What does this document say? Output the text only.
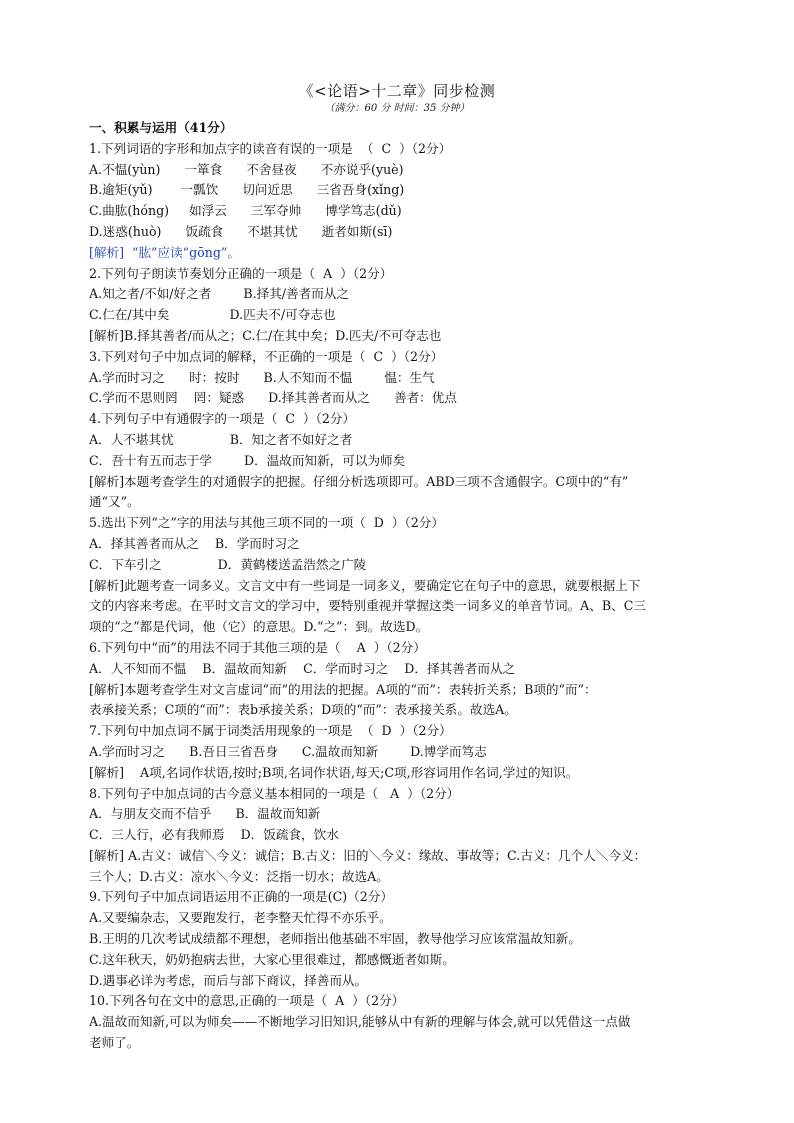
《<论语>十二章》同步检测
（满分：60 分 时间：35 分钟）
一、积累与运用（41分）
1.下列词语的字形和加点字的读音有误的一项是  （  C  ）（2分）
A.不愠(yùn)      一箪食      不舍昼夜      不亦说乎(yuè)
B.逾矩(yǔ)       一瓢饮      切问近思      三省吾身(xǐng)
C.曲肱(hóng)     如浮云      三军夺帅      博学笃志(dǔ)
D.迷惑(huò)      饭疏食      不堪其忧      逝者如斯(sī)
[解析]  “肱”应读“gōng”。
2.下列句子朗读节奏划分正确的一项是（  A  ）（2分）
A.知之者/不如/好之者        B.择其/善者而从之
C.仁在/其中矣               D.匹夫不/可夺志也
[解析]B.择其善者/而从之；C.仁/在其中矣；D.匹夫/不可夺志也
3.下列对句子中加点词的解释，不正确的一项是（  C  ）（2分）
A.学而时习之      时：按时      B.人不知而不愠        愠：生气
C.学而不思则罔    罔：疑惑      D.择其善者而从之      善者：优点
4.下列句子中有通假字的一项是（  C  ）（2分）
A．人不堪其忧              B．知之者不如好之者
C．吾十有五而志于学        D．温故而知新，可以为师矣
[解析]本题考查学生的对通假字的把握。仔细分析选项即可。ABD三项不含通假字。C项中的“有”
通“又”。
5.选出下列“之”字的用法与其他三项不同的一项（  D  ）（2分）
A．择其善者而从之    B．学而时习之
C．下车引之              D．黄鹤楼送孟浩然之广陵
[解析]此题考查一词多义。文言文中有一些词是一词多义，要确定它在句子中的意思，就要根据上下
文的内容来考虑。在平时文言文的学习中，要特别重视并掌握这类一词多义的单音节词。A、B、C三
项的“之”都是代词，他（它）的意思。D.“之”：到。故选D。
6.下列句中“而”的用法不同于其他三项的是（    A  ）（2分）
A．人不知而不愠    B．温故而知新    C．学而时习之    D．择其善者而从之
[解析]本题考查学生对文言虚词“而”的用法的把握。A项的“而”：表转折关系；B项的“而”：
表承接关系；C项的“而”：表b承接关系；D项的“而”：表承接关系。故选A。
7.下列句中加点词不属于词类活用现象的一项是  （  D  ）（2分）
A.学而时习之      B.吾日三省吾身      C.温故而知新        D.博学而笃志
[解析]    A项,名词作状语,按时;B项,名词作状语,每天;C项,形容词用作名词,学过的知识。
8.下列句子中加点词的古今意义基本相同的一项是（   A  ）（2分）
A．与朋友交而不信乎      B．温故而知新
C．三人行，必有我师焉    D．饭疏食，饮水
[解析] A.古义：诚信＼今义：诚信；B.古义：旧的＼今义：缘故、事故等；C.古义：几个人＼今义：
三个人；D.古义：凉水＼今义：泛指一切水；故选A。
9.下列句子中加点词语运用不正确的一项是(C)（2分）
A.又要编杂志，又要跑发行，老李整天忙得不亦乐乎。
B.王明的几次考试成绩都不理想，老师指出他基础不牢固，教导他学习应该常温故知新。
C.这年秋天，奶奶抱病去世，大家心里很难过，都感慨逝者如斯。
D.遇事必详为考虑，而后与部下商议，择善而从。
10.下列各句在文中的意思,正确的一项是（  A  ）（2分）
A.温故而知新,可以为师矣——不断地学习旧知识,能够从中有新的理解与体会,就可以凭借这一点做
老师了。
